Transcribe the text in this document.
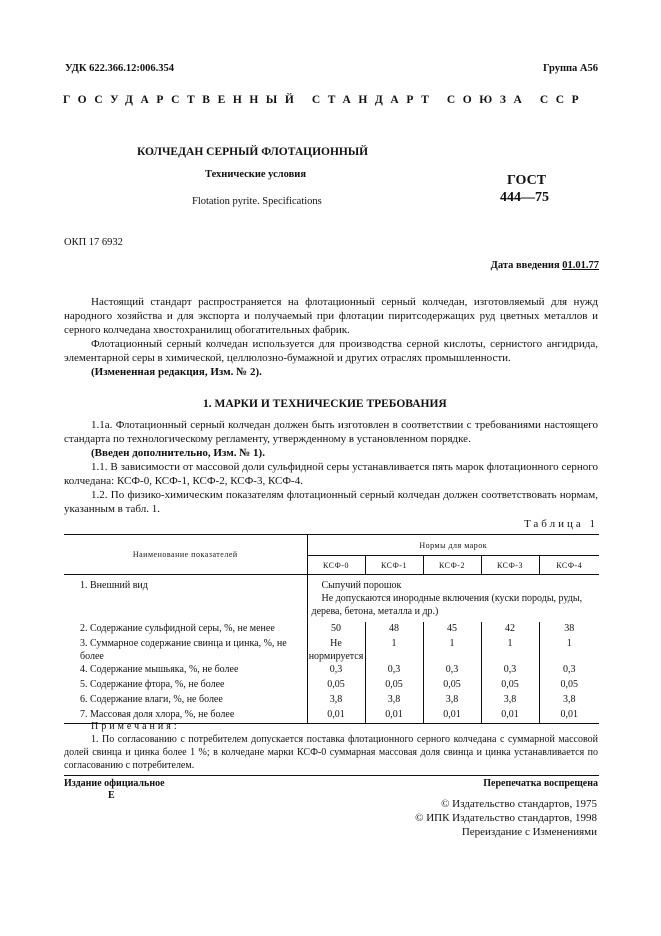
УДК 622.366.12:006.354	Группа А56
ГОСУДАРСТВЕННЫЙ СТАНДАРТ СОЮЗА ССР
КОЛЧЕДАН СЕРНЫЙ ФЛОТАЦИОННЫЙ
Технические условия
Flotation pyrite. Specifications
ГОСТ
444—75
ОКП 17 6932
Дата введения 01.01.77

Настоящий стандарт распространяется на флотационный серный колчедан, изготовляемый для нужд народного хозяйства и для экспорта и получаемый при флотации пиритсодержащих руд цветных металлов и серного колчедана хвостохранилищ обогатительных фабрик.

Флотационный серный колчедан используется для производства серной кислоты, сернистого ангидрида, элементарной серы в химической, целлюлозно-бумажной и других отраслях промышленности.

(Измененная редакция, Изм. № 2).

1. МАРКИ И ТЕХНИЧЕСКИЕ ТРЕБОВАНИЯ

1.1а. Флотационный серный колчедан должен быть изготовлен в соответствии с требованиями настоящего стандарта по технологическому регламенту, утвержденному в установленном порядке.

(Введен дополнительно, Изм. № 1).

1.1. В зависимости от массовой доли сульфидной серы устанавливается пять марок флотационного серного колчедана: КСФ-0, КСФ-1, КСФ-2, КСФ-3, КСФ-4.

1.2. По физико-химическим показателям флотационный серный колчедан должен соответствовать нормам, указанным в табл. 1.

Таблица 1
Наименование показателей	Нормы для марок				
	КСФ-0	КСФ-1	КСФ-2	КСФ-3	КСФ-4
1. Внешний вид	Сыпучий порошок
Не допускаются инородные включения (куски породы, руды, дерева, бетона, металла и др.)				

2. Содержание сульфидной серы, %, не менее	50	48	45	42	38
3. Суммарное содержание свинца и цинка, %, не более	Не нормируется	1	1	1	1
4. Содержание мышьяка, %, не более	0,3	0,3	0,3	0,3	0,3
5. Содержание фтора, %, не более	0,05	0,05	0,05	0,05	0,05
6. Содержание влаги, %, не более	3,8	3,8	3,8	3,8	3,8
7. Массовая доля хлора, %, не более	0,01	0,01	0,01	0,01	0,01

Примечания:

1. По согласованию с потребителем допускается поставка флотационного серного колчедана с суммарной массовой долей свинца и цинка более 1 %; в колчедане марки КСФ-0 суммарная массовая доля свинца и цинка устанавливается по согласованию с потребителем.

Издание официальное
Е
Перепечатка воспрещена
© Издательство стандартов, 1975
© ИПК Издательство стандартов, 1998
Переиздание с Изменениями
